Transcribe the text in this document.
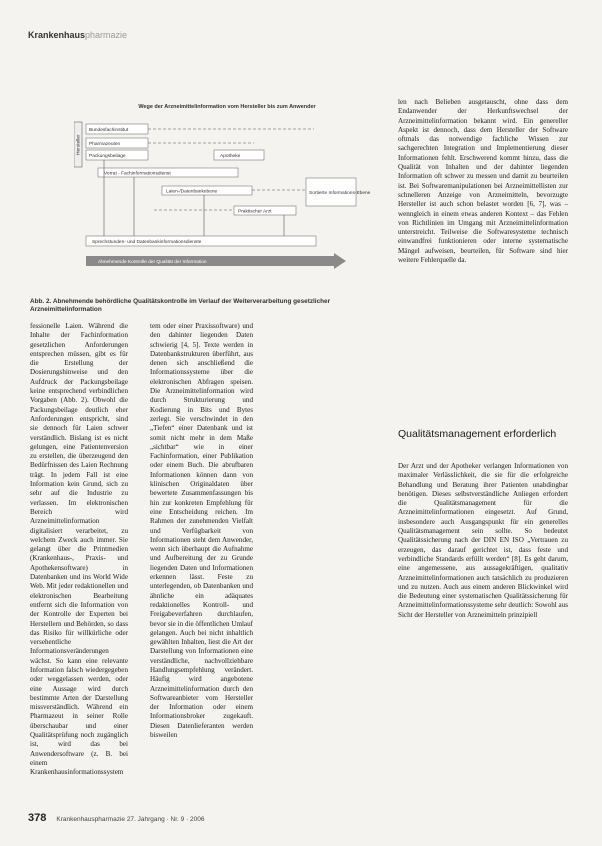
Krankenhauspharmazie
Wege der Arzneimittelinformation vom Hersteller bis zum Anwender
Hersteller
Bundesfachinstitut
Pharmazeuten
Packungsbeilage	Apotheke
Vorrat - Fachinformationsdienst
Laien-/Datenbankebene	Sortierte Informations-Ebene
Praktischer Arzt
Sprechstunden- und Datenbankinformationsdienste
Abnehmende Kontrolle der Qualität der Information
Abb. 2. Abnehmende behördliche Qualitätskontrolle im Verlauf der Weiterverarbeitung gesetzlicher Arzneimittelinformation
fessionelle Laien. Während die Inhalte der Fachinformation gesetzlichen Anforderungen entsprechen müssen, gibt es für die Erstellung der Dosierungshinweise und den Aufdruck der Packungsbeilage keine entsprechend verbindlichen Vorgaben (Abb. 2). Obwohl die Packungsbeilage deutlich eher Anforderungen entspricht, sind sie dennoch für Laien schwer verständlich. Bislang ist es nicht gelungen, eine Patientenversion zu erstellen, die überzeugend den Bedürfnissen des Laien Rechnung trägt. In jedem Fall ist eine Information kein Grund, sich zu sehr auf die Industrie zu verlassen. Im elektronischen Bereich wird Arzneimittelinformation digitalisiert verarbeitet, zu welchem Zweck auch immer. Sie gelangt über die Printmedien (Krankenhaus-, Praxis- und Apothekensoftware) in Datenbanken und ins World Wide Web. Mit jeder redaktionellen und elektronischen Bearbeitung entfernt sich die Information von der Kontrolle der Experten bei Herstellern und Behörden, so dass das Risiko für willkürliche oder versehentliche Informationsveränderungen wächst. So kann eine relevante Information falsch wiedergegeben oder weggelassen werden, oder eine Aussage wird durch bestimmte Arten der Darstellung missverständlich. Während ein Pharmazeut in seiner Rolle überschaubar und einer Qualitätsprüfung noch zugänglich ist, wird das bei Anwendersoftware (z. B. bei einem Krankenhausinformationssystem
tem oder einer Praxissoftware) und den dahinter liegenden Daten schwierig [4, 5]. Texte werden in Datenbankstrukturen überführt, aus denen sich anschließend die Informationssysteme über die elektronischen Abfragen speisen. Die Arzneimittelinformation wird durch Strukturierung und Kodierung in Bits und Bytes zerlegt. Sie verschwindet in den „Tiefen“ einer Datenbank und ist somit nicht mehr in dem Maße „sichtbar“ wie in einer Fachinformation, einer Publikation oder einem Buch. Die abrufbaren Informationen können dann von klinischen Originaldaten über bewertete Zusammenfassungen bis hin zur konkreten Empfehlung für eine Entscheidung reichen. Im Rahmen der zunehmenden Vielfalt und Verfügbarkeit von Informationen steht dem Anwender, wenn sich überhaupt die Aufnahme und Aufbereitung der zu Grunde liegenden Daten und Informationen erkennen lässt. Feste zu unterlegenden, ob Datenbanken und ähnliche ein adäquates redaktionelles Kontroll- und Freigabeverfahren durchlaufen, bevor sie in die öffentlichen Umlauf gelangen. Auch bei nicht inhaltlich gewählten Inhalten, liest die Art der Darstellung von Informationen eine verständliche, nachvollziehbare Handlungsempfehlung verändert. Häufig wird angebotene Arzneimittelinformation durch den Softwareanbieter vom Hersteller der Information oder einem Informationsbroker zugekauft. Diesen Datenlieferanten werden bisweilen
len nach Belieben ausgetauscht, ohne dass dem Endanwender der Herkunftswechsel der Arzneimittelinformation bekannt wird. Ein genereller Aspekt ist dennoch, dass dem Hersteller der Software oftmals das notwendige fachliche Wissen zur sachgerechten Integration und Implementierung dieser Informationen fehlt. Erschwerend kommt hinzu, dass die Qualität von Inhalten und der dahinter liegenden Information oft schwer zu messen und damit zu beurteilen ist. Bei Softwaremanipulationen bei Arzneimittellisten zur schnelleren Anzeige von Arzneimitteln, bevorzugte Hersteller ist auch schon belastet worden [6, 7], was – wenngleich in einem etwas anderen Kontext – das Fehlen von Richtlinien im Umgang mit Arzneimittelinformation unterstreicht. Teilweise die Softwaresysteme technisch einwandfrei funktionieren oder interne systematische Mängel aufweisen, beurteilen, für Software sind hier weitere Fehlerquelle da.
Qualitätsmanagement erforderlich
Der Arzt und der Apotheker verlangen Informationen von maximaler Verlässlichkeit, die sie für die erfolgreiche Behandlung und Beratung ihrer Patienten unabdingbar benötigen. Dieses selbstverständliche Anliegen erfordert die Qualitätsmanagement für die Arzneimittelinformationen eingesetzt. Auf Grund, insbesondere auch Ausgangspunkt für ein generelles Qualitätsmanagement sein sollte. So bedeutet Qualitätssicherung nach der DIN EN ISO „Vertrauen zu erzeugen, das darauf gerichtet ist, dass feste und verbindliche Standards erfüllt werden“ [8]. Es geht darum, eine angemessene, aus aussagekräftigen, qualitativ Arzneimittelinformationen auch tatsächlich zu produzieren und zu nutzen. Auch aus einem anderen Blickwinkel wird die Bedeutung einer systematischen Qualitätssicherung für Arzneimittelinformationssysteme sehr deutlich: Sowohl aus Sicht der Hersteller von Arzneimitteln prinzipiell
378 Krankenhauspharmazie 27. Jahrgang · Nr. 9 · 2006
